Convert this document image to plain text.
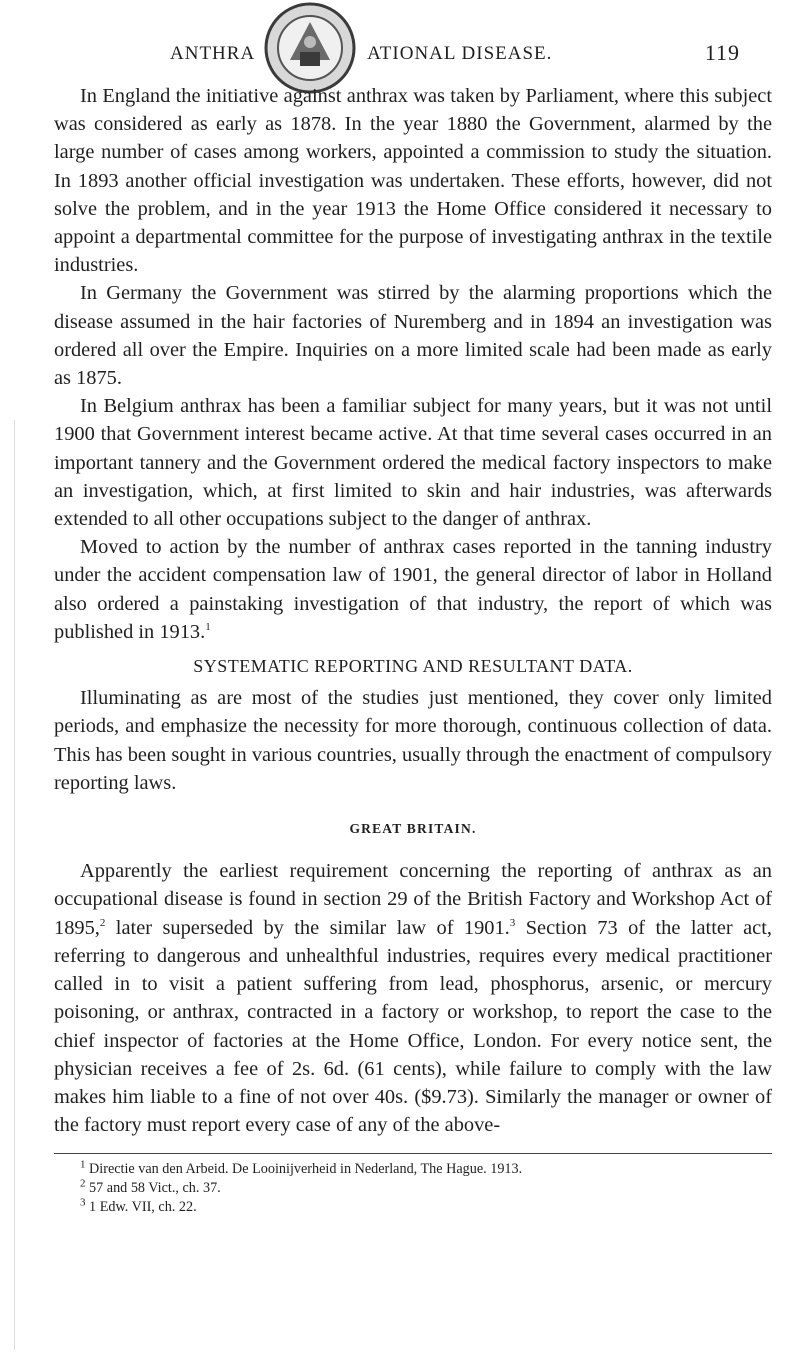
ANTHRA	ATIONAL DISEASE.	119

In England the initiative against anthrax was taken by Parliament, where this subject was considered as early as 1878. In the year 1880 the Government, alarmed by the large number of cases among workers, appointed a commission to study the situation. In 1893 another official investigation was undertaken. These efforts, however, did not solve the problem, and in the year 1913 the Home Office considered it necessary to appoint a departmental committee for the purpose of investigating anthrax in the textile industries.

In Germany the Government was stirred by the alarming proportions which the disease assumed in the hair factories of Nuremberg and in 1894 an investigation was ordered all over the Empire. Inquiries on a more limited scale had been made as early as 1875.

In Belgium anthrax has been a familiar subject for many years, but it was not until 1900 that Government interest became active. At that time several cases occurred in an important tannery and the Government ordered the medical factory inspectors to make an investigation, which, at first limited to skin and hair industries, was afterwards extended to all other occupations subject to the danger of anthrax.

Moved to action by the number of anthrax cases reported in the tanning industry under the accident compensation law of 1901, the general director of labor in Holland also ordered a painstaking investigation of that industry, the report of which was published in 1913.$^1$

SYSTEMATIC REPORTING AND RESULTANT DATA.

Illuminating as are most of the studies just mentioned, they cover only limited periods, and emphasize the necessity for more thorough, continuous collection of data. This has been sought in various countries, usually through the enactment of compulsory reporting laws.

GREAT BRITAIN.

Apparently the earliest requirement concerning the reporting of anthrax as an occupational disease is found in section 29 of the British Factory and Workshop Act of 1895,$^2$ later superseded by the similar law of 1901.$^3$ Section 73 of the latter act, referring to dangerous and unhealthful industries, requires every medical practitioner called in to visit a patient suffering from lead, phosphorus, arsenic, or mercury poisoning, or anthrax, contracted in a factory or workshop, to report the case to the chief inspector of factories at the Home Office, London. For every notice sent, the physician receives a fee of 2s. 6d. (61 cents), while failure to comply with the law makes him liable to a fine of not over 40s. ($9.73). Similarly the manager or owner of the factory must report every case of any of the above-

$^1$ Directie van den Arbeid. De Looinijverheid in Nederland, The Hague. 1913.

$^2$ 57 and 58 Vict., ch. 37.

$^3$ 1 Edw. VII, ch. 22.
